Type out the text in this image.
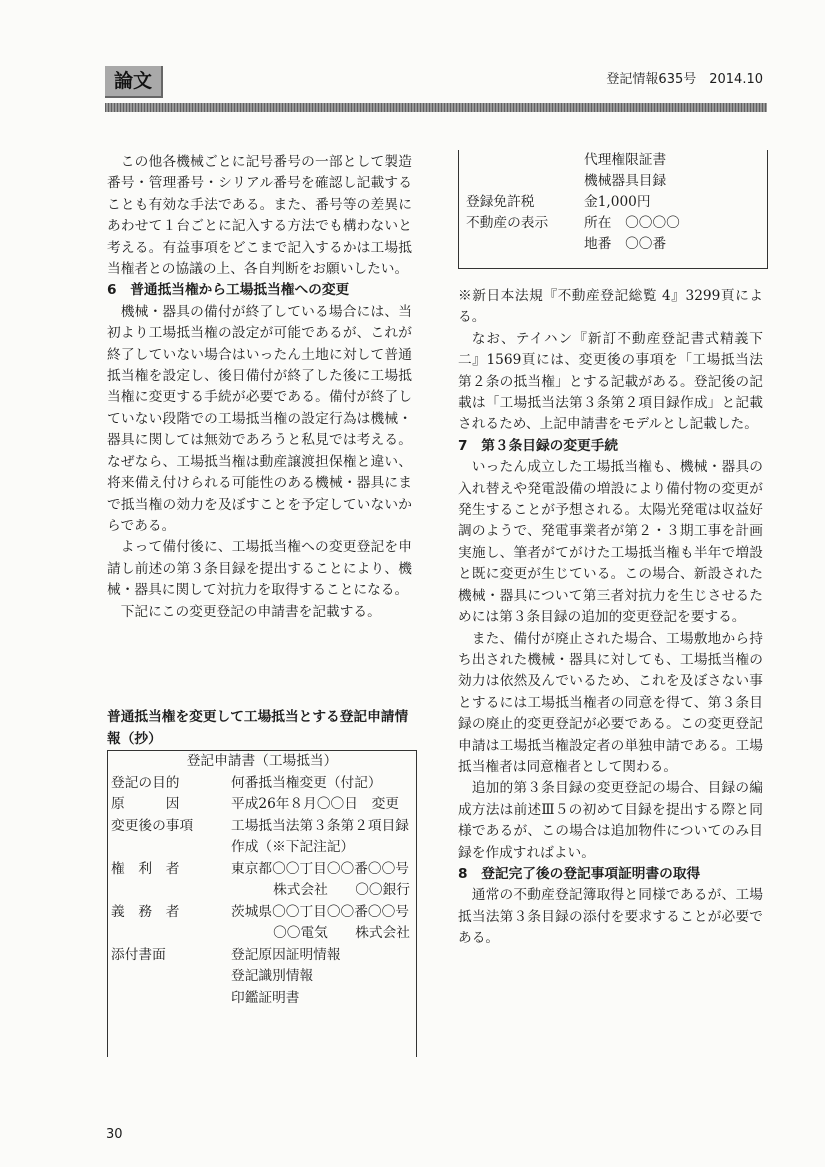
論文	登記情報635号　2014.10

この他各機械ごとに記号番号の一部として製造番号・管理番号・シリアル番号を確認し記載することも有効な手法である。また、番号等の差異にあわせて１台ごとに記入する方法でも構わないと考える。有益事項をどこまで記入するかは工場抵当権者との協議の上、各自判断をお願いしたい。

6　普通抵当権から工場抵当権への変更

機械・器具の備付が終了している場合には、当初より工場抵当権の設定が可能であるが、これが終了していない場合はいったん土地に対して普通抵当権を設定し、後日備付が終了した後に工場抵当権に変更する手続が必要である。備付が終了していない段階での工場抵当権の設定行為は機械・器具に関しては無効であろうと私見では考える。なぜなら、工場抵当権は動産譲渡担保権と違い、将来備え付けられる可能性のある機械・器具にまで抵当権の効力を及ぼすことを予定していないからである。

よって備付後に、工場抵当権への変更登記を申請し前述の第３条目録を提出することにより、機械・器具に関して対抗力を取得することになる。

下記にこの変更登記の申請書を記載する。

普通抵当権を変更して工場抵当とする登記申請情報（抄）

登記申請書（工場抵当）
登記の目的	何番抵当権変更（付記）
原　　　因	平成26年８月〇〇日　変更
変更後の事項	工場抵当法第３条第２項目録作成（※下記注記）
権　利　者	東京都〇〇丁目〇〇番〇〇号
株式会社　　〇〇銀行
義　務　者	茨城県〇〇丁目〇〇番〇〇号
〇〇電気　　株式会社
添付書面	登記原因証明情報
登記識別情報
印鑑証明書
代理権限証書
機械器具目録
登録免許税	金1,000円
不動産の表示	所在　〇〇〇〇
地番　〇〇番

※新日本法規『不動産登記総覧 4』3299頁による。

なお、テイハン『新訂不動産登記書式精義下二』1569頁には、変更後の事項を「工場抵当法第２条の抵当権」とする記載がある。登記後の記載は「工場抵当法第３条第２項目録作成」と記載されるため、上記申請書をモデルとし記載した。

7　第３条目録の変更手続

いったん成立した工場抵当権も、機械・器具の入れ替えや発電設備の増設により備付物の変更が発生することが予想される。太陽光発電は収益好調のようで、発電事業者が第２・３期工事を計画実施し、筆者がてがけた工場抵当権も半年で増設と既に変更が生じている。この場合、新設された機械・器具について第三者対抗力を生じさせるためには第３条目録の追加的変更登記を要する。

また、備付が廃止された場合、工場敷地から持ち出された機械・器具に対しても、工場抵当権の効力は依然及んでいるため、これを及ぼさない事とするには工場抵当権者の同意を得て、第３条目録の廃止的変更登記が必要である。この変更登記申請は工場抵当権設定者の単独申請である。工場抵当権者は同意権者として関わる。

追加的第３条目録の変更登記の場合、目録の編成方法は前述Ⅲ５の初めて目録を提出する際と同様であるが、この場合は追加物件についてのみ目録を作成すればよい。

8　登記完了後の登記事項証明書の取得

通常の不動産登記簿取得と同様であるが、工場抵当法第３条目録の添付を要求することが必要である。

30
